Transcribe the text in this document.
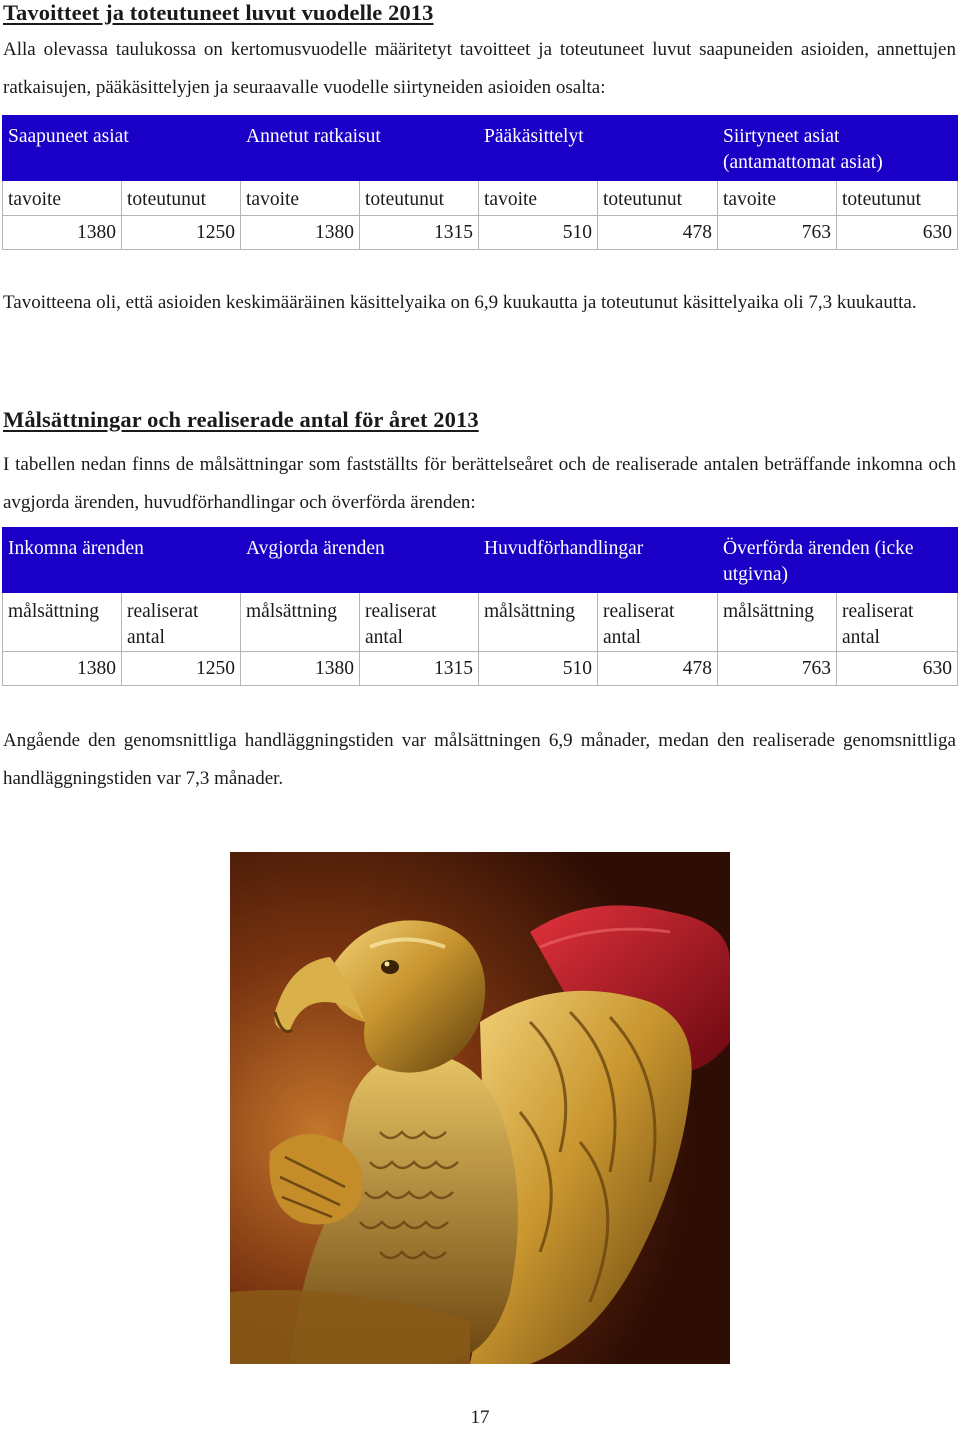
Tavoitteet ja toteutuneet luvut vuodelle 2013

Alla olevassa taulukossa on kertomusvuodelle määritetyt tavoitteet ja toteutuneet luvut saapuneiden asioiden, annettujen ratkaisujen, pääkäsittelyjen ja seuraavalle vuodelle siirtyneiden asioiden osalta:

Saapuneet asiat		Annetut ratkaisut		Pääkäsittelyt		Siirtyneet asiat (antamattomat asiat)	
tavoite	toteutunut	tavoite	toteutunut	tavoite	toteutunut	tavoite	toteutunut
1380	1250	1380	1315	510	478	763	630

Tavoitteena oli, että asioiden keskimääräinen käsittelyaika on 6,9 kuukautta ja toteutunut käsittelyaika oli 7,3 kuukautta.

Målsättningar och realiserade antal för året 2013

I tabellen nedan finns de målsättningar som fastställts för berättelseåret och de realiserade antalen beträffande inkomna och avgjorda ärenden, huvudförhandlingar och överförda ärenden:

Inkomna ärenden		Avgjorda ärenden		Huvudförhandlingar		Överförda ärenden (icke utgivna)	
målsättning	realiserat antal	målsättning	realiserat antal	målsättning	realiserat antal	målsättning	realiserat antal
1380	1250	1380	1315	510	478	763	630

Angående den genomsnittliga handläggningstiden var målsättningen 6,9 månader, medan den realiserade genomsnittliga handläggningstiden var 7,3 månader.

17
